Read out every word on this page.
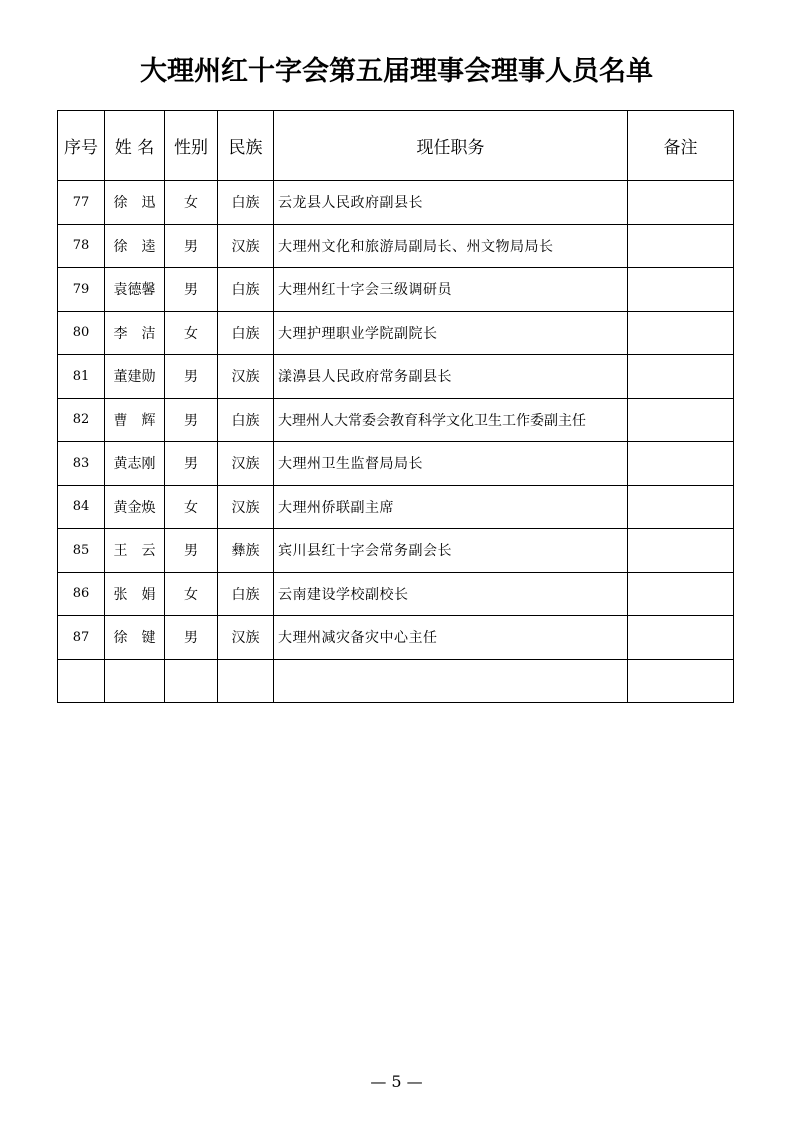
大理州红十字会第五届理事会理事人员名单
序号	姓 名	性别	民族	现任职务	备注
77	徐　迅	女	白族	云龙县人民政府副县长	
78	徐　逵	男	汉族	大理州文化和旅游局副局长、州文物局局长	
79	袁德馨	男	白族	大理州红十字会三级调研员	
80	李　洁	女	白族	大理护理职业学院副院长	
81	董建勋	男	汉族	漾濞县人民政府常务副县长	
82	曹　辉	男	白族	大理州人大常委会教育科学文化卫生工作委副主任	
83	黄志刚	男	汉族	大理州卫生监督局局长	
84	黄金焕	女	汉族	大理州侨联副主席	
85	王　云	男	彝族	宾川县红十字会常务副会长	
86	张　娟	女	白族	云南建设学校副校长	
87	徐　键	男	汉族	大理州减灾备灾中心主任	

— 5 —
